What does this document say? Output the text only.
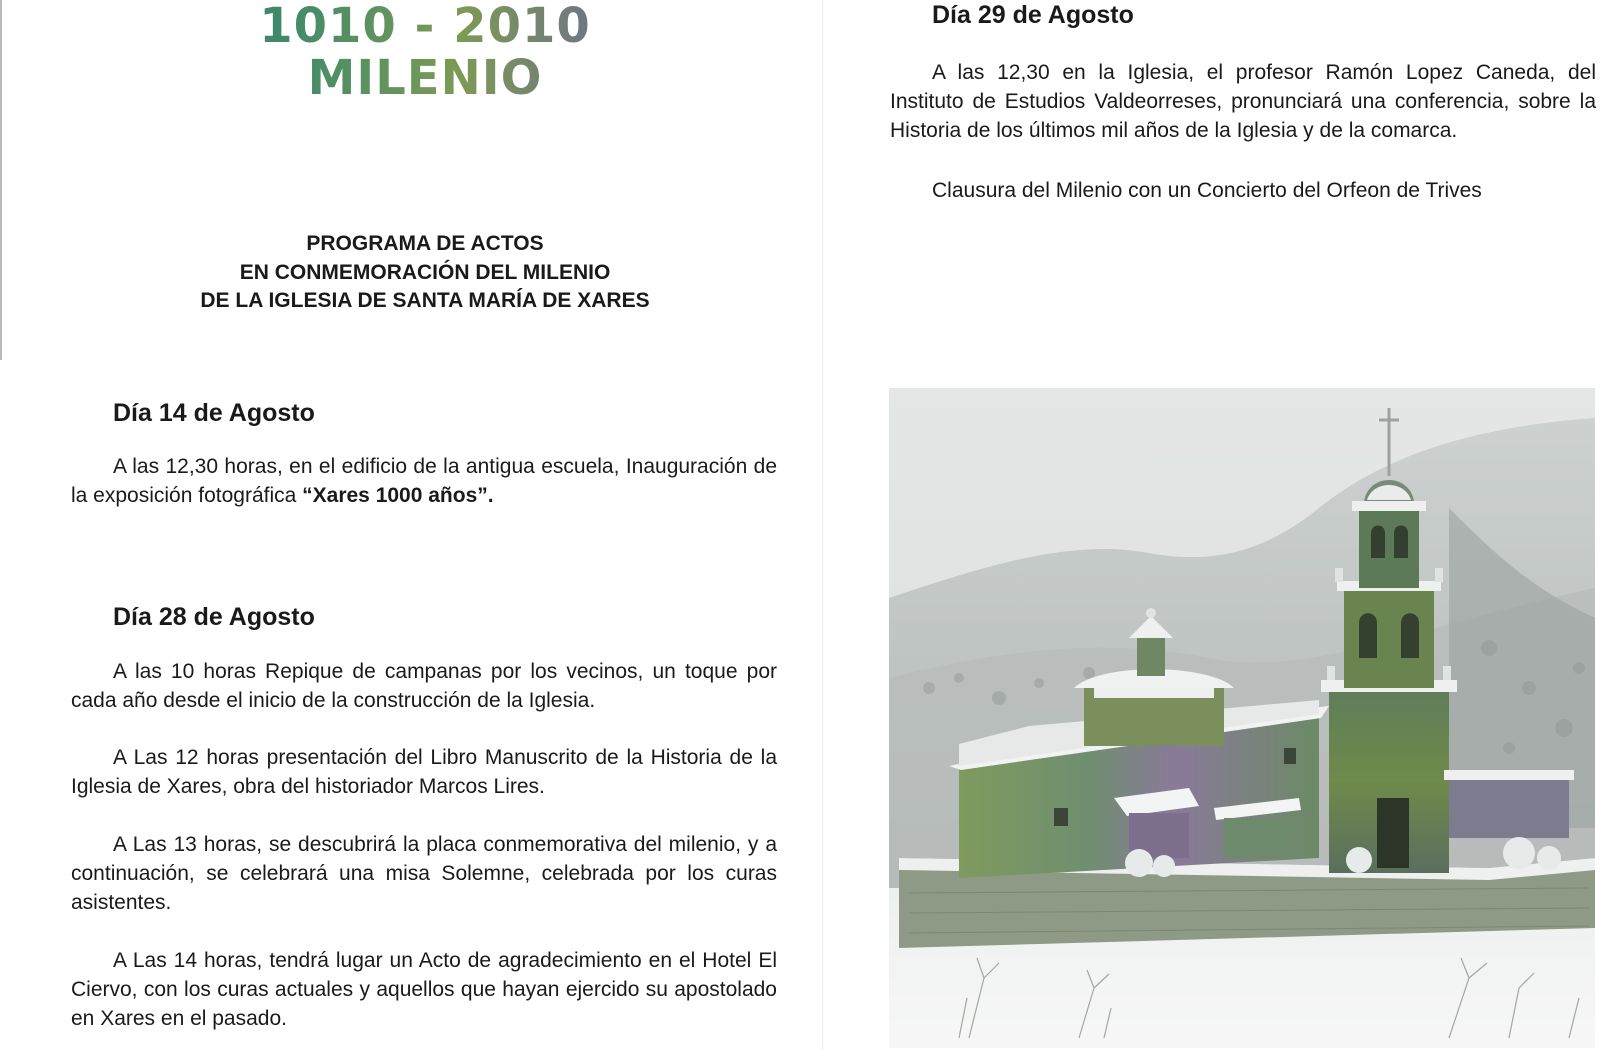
1010 - 2010
MILENIO
PROGRAMA DE ACTOS
EN CONMEMORACIÓN DEL MILENIO
DE LA IGLESIA DE SANTA MARÍA DE XARES
Día 14 de Agosto

A las 12,30 horas, en el edificio de la antigua escuela, Inauguración de la exposición fotográfica “Xares 1000 años”.

Día 28 de Agosto

A las 10 horas Repique de campanas por los vecinos, un toque por cada año desde el inicio de la construcción de la Iglesia.

A Las 12 horas presentación del Libro Manuscrito de la Historia de la Iglesia de Xares, obra del historiador Marcos Lires.

A Las 13 horas, se descubrirá la placa conmemorativa del milenio, y a continuación, se celebrará una misa Solemne, celebrada por los curas asistentes.

A Las 14 horas, tendrá lugar un Acto de agradecimiento en el Hotel El Ciervo, con los curas actuales y aquellos que hayan ejercido su apostolado en Xares en el pasado.

Día 29 de Agosto

A las 12,30 en la Iglesia, el profesor Ramón Lopez Caneda, del Instituto de Estudios Valdeorreses, pronunciará una conferencia, sobre la Historia de los últimos mil años de la Iglesia y de la comarca.

Clausura del Milenio con un Concierto del Orfeon de Trives
